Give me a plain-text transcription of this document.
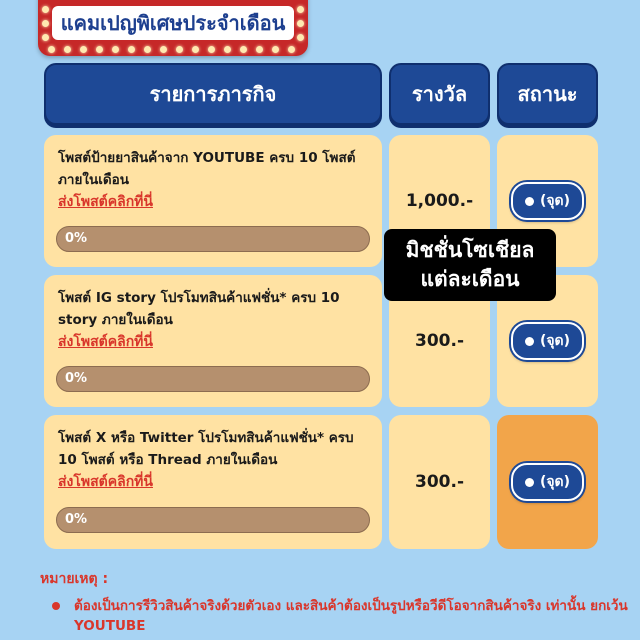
แคมเปญพิเศษประจำเดือน
รายการภารกิจ	รางวัล	สถานะ

โพสต์ป้ายยาสินค้าจาก YOUTUBE ครบ 10 โพสต์ ภายในเดือน

ส่งโพสต์คลิกที่นี่
0%
1,000.-	(จุด)

โพสต์ IG story โปรโมทสินค้าแฟชั่น* ครบ 10 story ภายในเดือน

ส่งโพสต์คลิกที่นี่
0%
300.-	(จุด)

โพสต์ X หรือ Twitter โปรโมทสินค้าแฟชั่น* ครบ 10 โพสต์ หรือ Thread ภายในเดือน

ส่งโพสต์คลิกที่นี่
0%
300.-	(จุด)
มิชชั่นโซเชียล
แต่ละเดือน

หมายเหตุ :

ต้องเป็นการรีวิวสินค้าจริงด้วยตัวเอง และสินค้าต้องเป็นรูปหรือวีดีโอจากสินค้าจริง เท่านั้น ยกเว้น YOUTUBE
